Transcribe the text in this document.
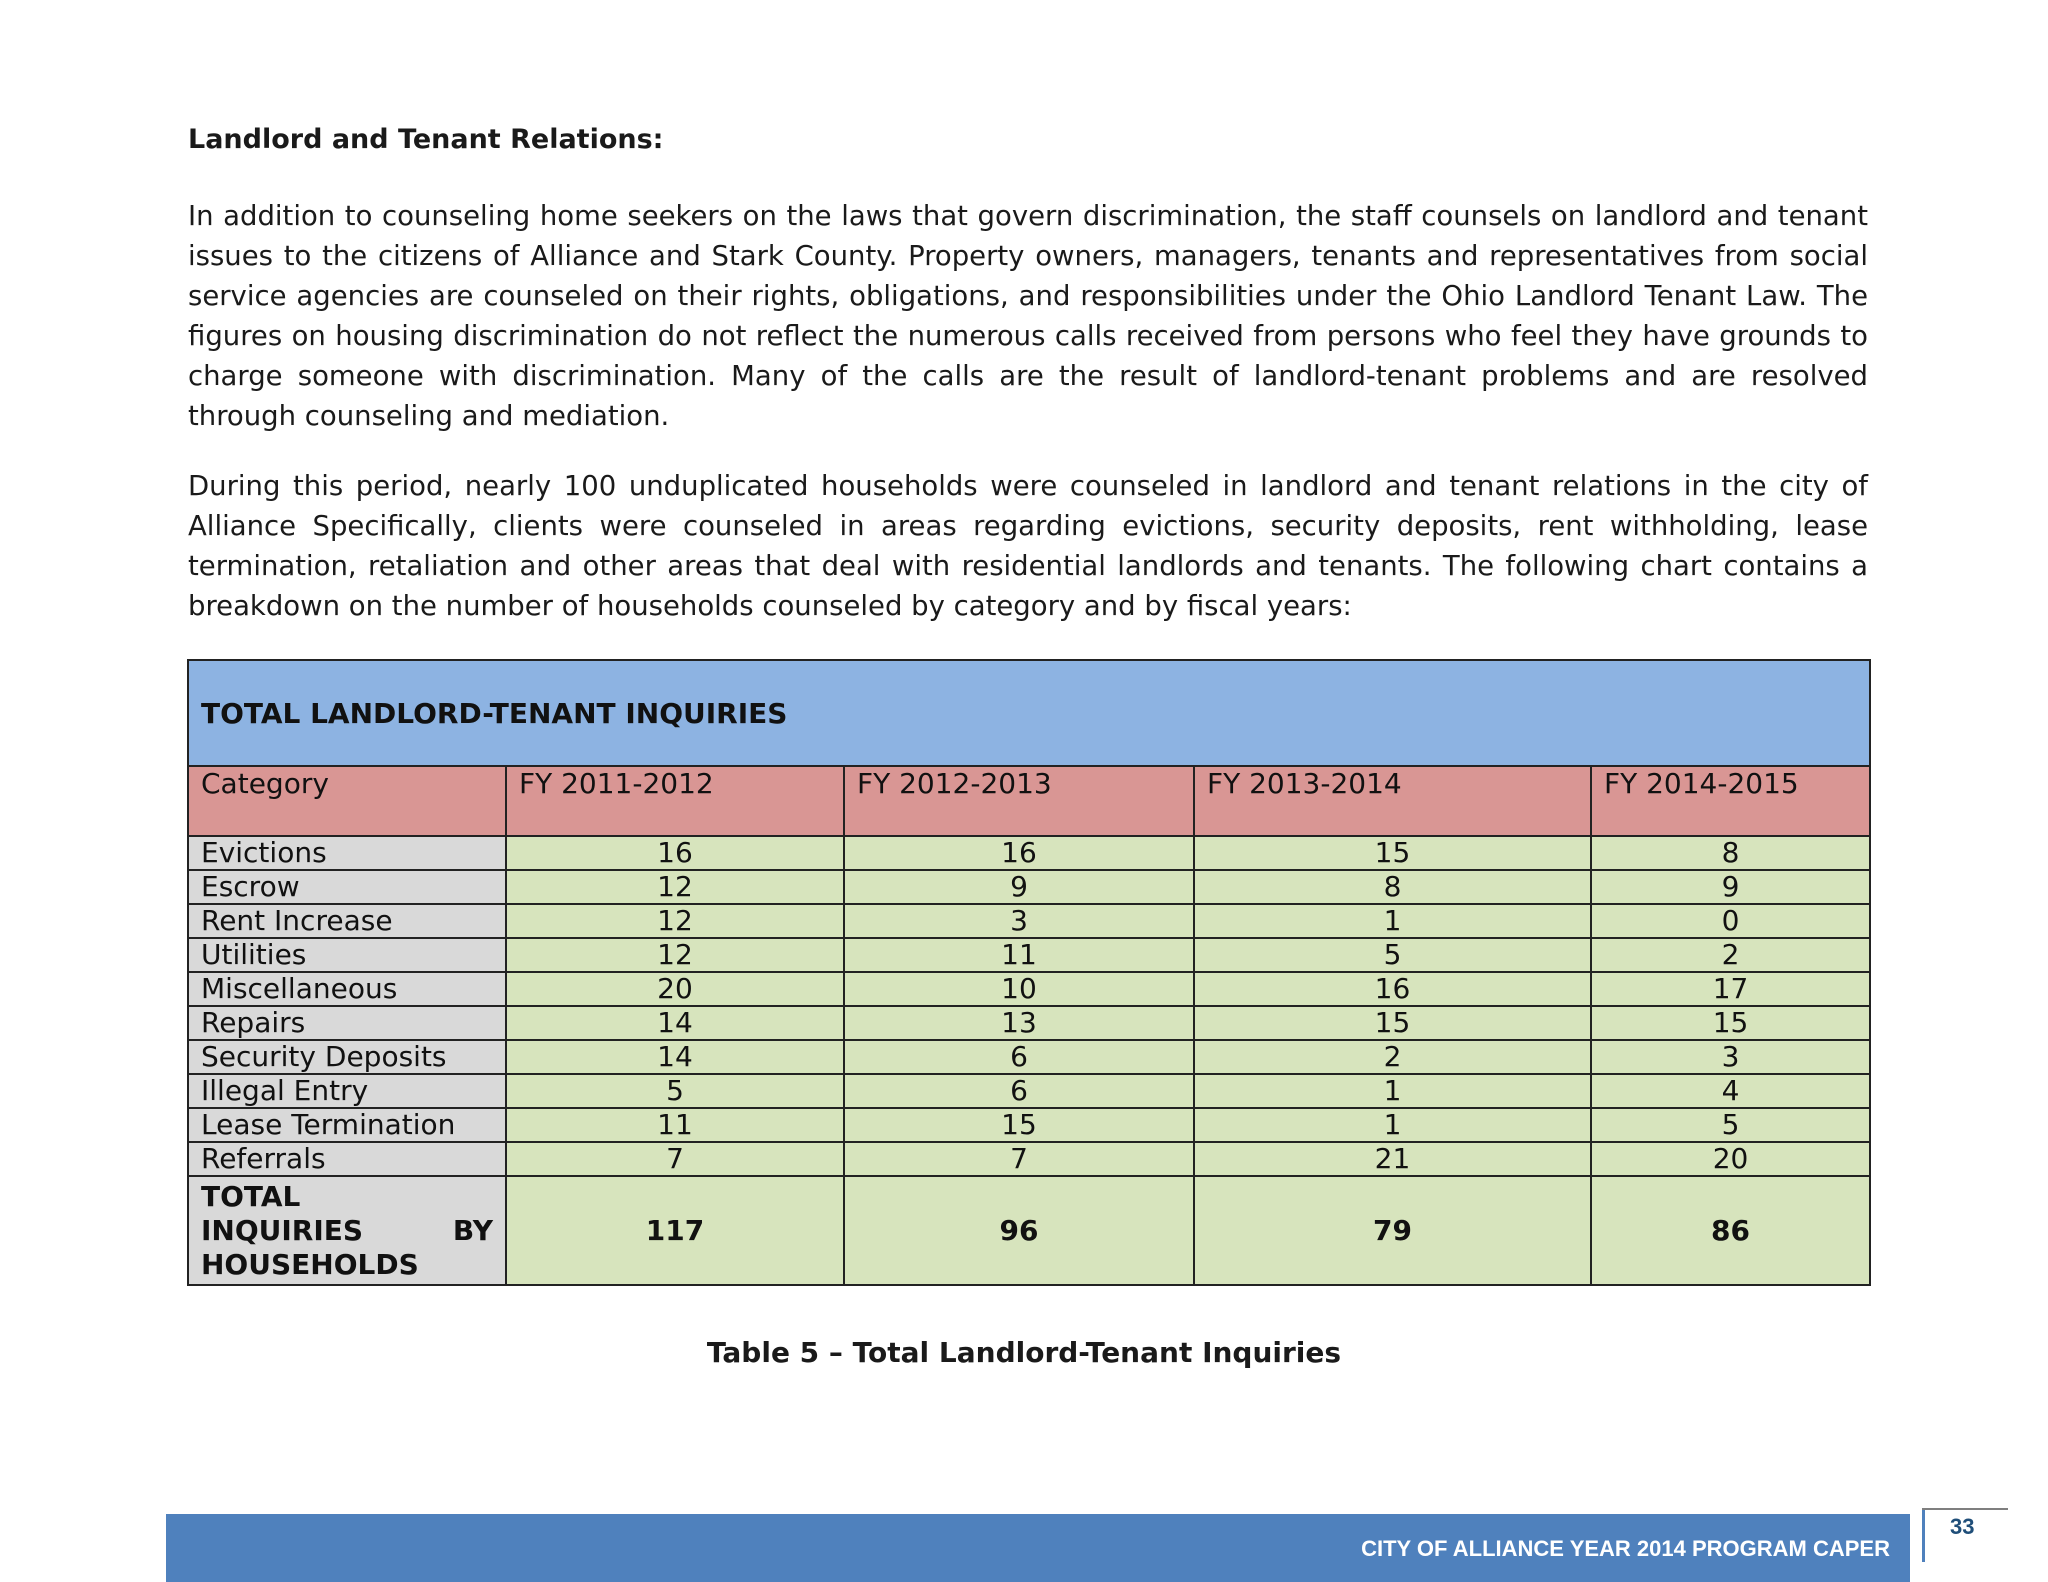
Landlord and Tenant Relations:

In addition to counseling home seekers on the laws that govern discrimination, the staff counsels on landlord and tenant issues to the citizens of Alliance and Stark County. Property owners, managers, tenants and representatives from social service agencies are counseled on their rights, obligations, and responsibilities under the Ohio Landlord Tenant Law. The figures on housing discrimination do not reflect the numerous calls received from persons who feel they have grounds to charge someone with discrimination. Many of the calls are the result of landlord-tenant problems and are resolved through counseling and mediation.

During this period, nearly 100 unduplicated households were counseled in landlord and tenant relations in the city of Alliance Specifically, clients were counseled in areas regarding evictions, security deposits, rent withholding, lease termination, retaliation and other areas that deal with residential landlords and tenants. The following chart contains a breakdown on the number of households counseled by category and by fiscal years:

TOTAL LANDLORD-TENANT INQUIRIES				
Category	FY 2011-2012	FY 2012-2013	FY 2013-2014	FY 2014-2015
Evictions	16	16	15	8
Escrow	12	9	8	9
Rent Increase	12	3	1	0
Utilities	12	11	5	2
Miscellaneous	20	10	16	17
Repairs	14	13	15	15
Security Deposits	14	6	2	3
Illegal Entry	5	6	1	4
Lease Termination	11	15	1	5
Referrals	7	7	21	20

TOTAL
INQUIRIES BY
HOUSEHOLDS	117	96	79	86
Table 5 – Total Landlord-Tenant Inquiries
CITY OF ALLIANCE YEAR 2014 PROGRAM CAPER
33
